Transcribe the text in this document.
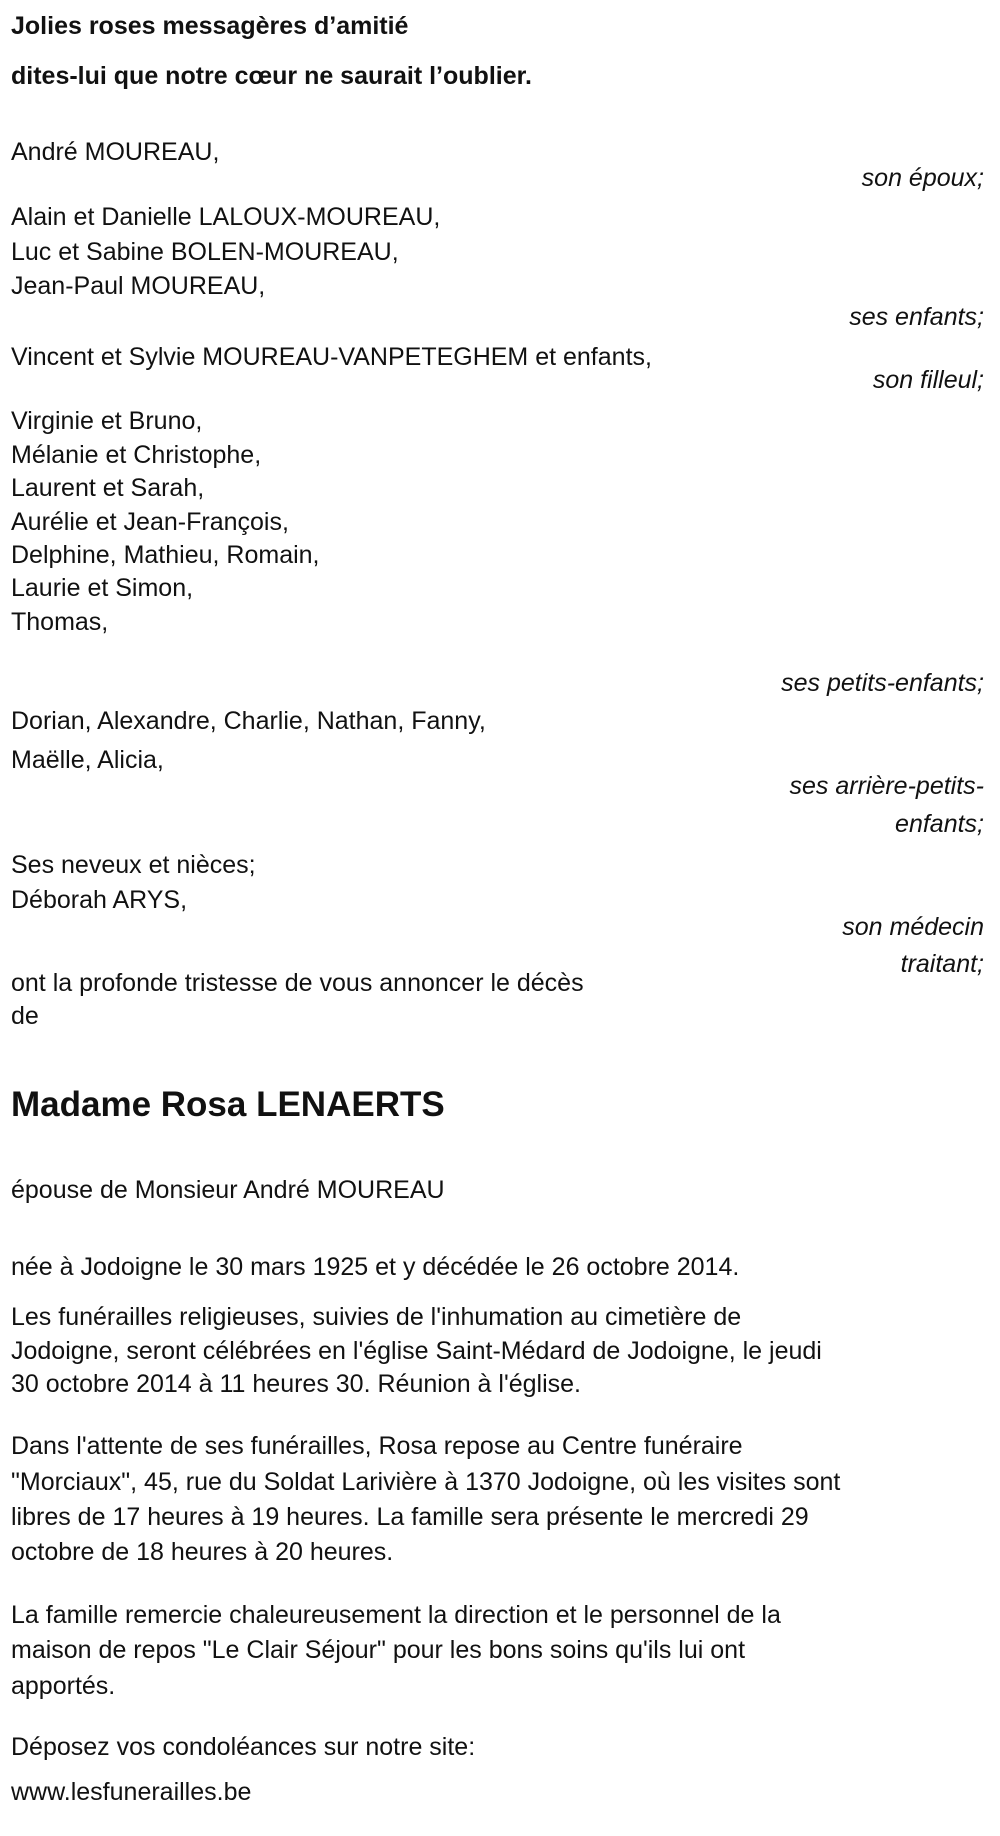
Jolies roses messagères d’amitié
dites-lui que notre cœur ne saurait l’oublier.
André MOUREAU,
son époux;
Alain et Danielle LALOUX-MOUREAU,
Luc et Sabine BOLEN-MOUREAU,
Jean-Paul MOUREAU,
ses enfants;
Vincent et Sylvie MOUREAU-VANPETEGHEM et enfants,
son filleul;
Virginie et Bruno,
Mélanie et Christophe,
Laurent et Sarah,
Aurélie et Jean-François,
Delphine, Mathieu, Romain,
Laurie et Simon,
Thomas,
ses petits-enfants;
Dorian, Alexandre, Charlie, Nathan, Fanny,
Maëlle, Alicia,
ses arrière-petits-
enfants;
Ses neveux et nièces;
Déborah ARYS,
son médecin
traitant;
ont la profonde tristesse de vous annoncer le décès
de
Madame Rosa LENAERTS
épouse de Monsieur André MOUREAU
née à Jodoigne le 30 mars 1925 et y décédée le 26 octobre 2014.
Les funérailles religieuses, suivies de l'inhumation au cimetière de
Jodoigne, seront célébrées en l'église Saint-Médard de Jodoigne, le jeudi
30 octobre 2014 à 11 heures 30. Réunion à l'église.
Dans l'attente de ses funérailles, Rosa repose au Centre funéraire
"Morciaux", 45, rue du Soldat Larivière à 1370 Jodoigne, où les visites sont
libres de 17 heures à 19 heures. La famille sera présente le mercredi 29
octobre de 18 heures à 20 heures.
La famille remercie chaleureusement la direction et le personnel de la
maison de repos "Le Clair Séjour" pour les bons soins qu'ils lui ont
apportés.
Déposez vos condoléances sur notre site:
www.lesfunerailles.be
